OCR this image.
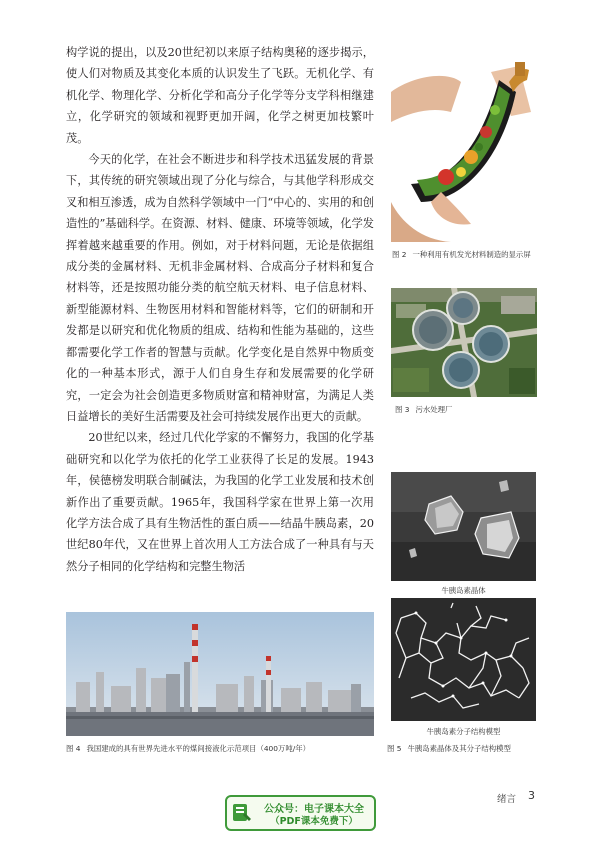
构学说的提出，以及20世纪初以来原子结构奥秘的逐步揭示，使人们对物质及其变化本质的认识发生了飞跃。无机化学、有机化学、物理化学、分析化学和高分子化学等分支学科相继建立，化学研究的领域和视野更加开阔，化学之树更加枝繁叶茂。

今天的化学，在社会不断进步和科学技术迅猛发展的背景下，其传统的研究领域出现了分化与综合，与其他学科形成交叉和相互渗透，成为自然科学领域中一门“中心的、实用的和创造性的”基础科学。在资源、材料、健康、环境等领域，化学发挥着越来越重要的作用。例如，对于材料问题，无论是依据组成分类的金属材料、无机非金属材料、合成高分子材料和复合材料等，还是按照功能分类的航空航天材料、电子信息材料、新型能源材料、生物医用材料和智能材料等，它们的研制和开发都是以研究和优化物质的组成、结构和性能为基础的，这些都需要化学工作者的智慧与贡献。化学变化是自然界中物质变化的一种基本形式，源于人们自身生存和发展需要的化学研究，一定会为社会创造更多物质财富和精神财富，为满足人类日益增长的美好生活需要及社会可持续发展作出更大的贡献。

20世纪以来，经过几代化学家的不懈努力，我国的化学基础研究和以化学为依托的化学工业获得了长足的发展。1943年，侯德榜发明联合制碱法，为我国的化学工业发展和技术创新作出了重要贡献。1965年，我国科学家在世界上第一次用化学方法合成了具有生物活性的蛋白质——结晶牛胰岛素，20世纪80年代，又在世界上首次用人工方法合成了一种具有与天然分子相同的化学结构和完整生物活

图 2 一种利用有机发光材料制造的显示屏
图 3 污水处理厂
牛胰岛素晶体
牛胰岛素分子结构模型
图 5 牛胰岛素晶体及其分子结构模型
图 4 我国建成的具有世界先进水平的煤间接液化示范项目（400万吨/年）
公众号：电子课本大全
（PDF课本免费下）
绪言 3
